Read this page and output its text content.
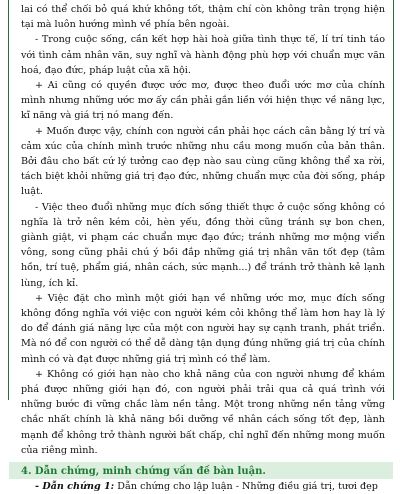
lai có thể chối bỏ quá khứ không tốt, thậm chí còn không trân trọng hiện tại mà luôn hướng mình về phía bên ngoài.

- Trong cuộc sống, cần kết hợp hài hoà giữa tình thực tế, lí trí tinh táo với tình cảm nhân văn, suy nghĩ và hành động phù hợp với chuẩn mực văn hoá, đạo đức, pháp luật của xã hội.

+ Ai cũng có quyền được ước mơ, được theo đuổi ước mơ của chính mình nhưng những ước mơ ấy cần phải gắn liền với hiện thực về năng lực, kĩ năng và giá trị nó mang đến.

+ Muốn được vậy, chính con người cần phải học cách cân bằng lý trí và cảm xúc của chính mình trước những nhu cầu mong muốn của bản thân. Bởi đâu cho bất cứ lý tưởng cao đẹp nào sau cùng cũng không thể xa rời, tách biệt khỏi những giá trị đạo đức, những chuẩn mực của đời sống, pháp luật.

- Việc theo đuổi những mục đích sống thiết thực ở cuộc sống không có nghĩa là trở nên kém cỏi, hèn yếu, đồng thời cũng tránh sự bon chen, giành giật, vi phạm các chuẩn mực đạo đức; tránh những mơ mộng viển vông, song cũng phải chú ý bồi đắp những giá trị nhân văn tốt đẹp (tâm hồn, trí tuệ, phẩm giá, nhân cách, sức mạnh...) để tránh trở thành kẻ lạnh lùng, ích kỉ.

+ Việc đặt cho mình một giới hạn về những ước mơ, mục đích sống không đồng nghĩa với việc con người kém cỏi không thể làm hơn hay là lý do để đánh giá năng lực của một con người hay sự cạnh tranh, phát triển. Mà nó để con người có thể dễ dàng tận dụng đúng những giá trị của chính mình có và đạt được những giá trị mình có thể làm.

+ Không có giới hạn nào cho khả năng của con người nhưng để khám phá được những giới hạn đó, con người phải trải qua cả quá trình với những bước đi vững chắc làm nền tảng. Một trong những nền tảng vững chắc nhất chính là khả năng bồi dưỡng về nhân cách sống tốt đẹp, lành mạnh để không trở thành người bất chấp, chỉ nghĩ đến những mong muốn của riêng mình.

4. Dẫn chứng, minh chứng vấn đề bàn luận.

- Dẫn chứng 1: Dẫn chứng cho lập luận - Những điều giá trị, tươi đẹp
